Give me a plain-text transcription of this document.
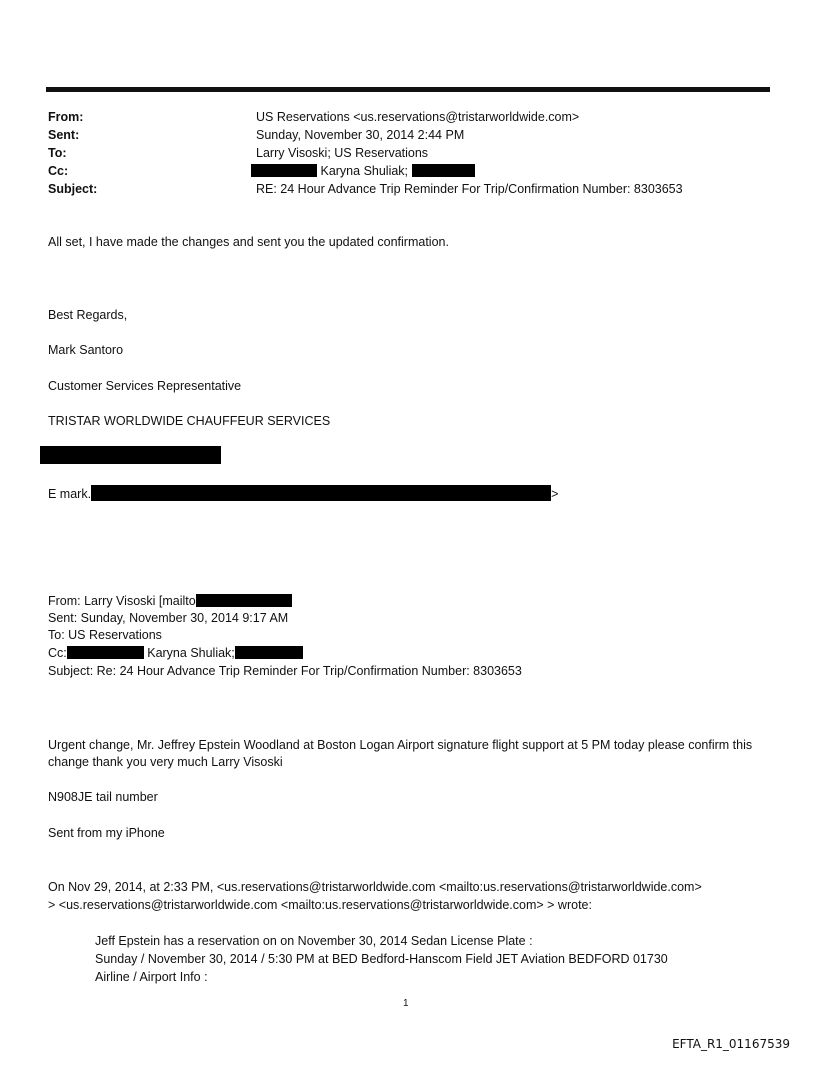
From:	US Reservations <us.reservations@tristarworldwide.com>
Sent:	Sunday, November 30, 2014 2:44 PM
To:	Larry Visoski; US Reservations
Cc:	Karyna Shuliak;
Subject:	RE: 24 Hour Advance Trip Reminder For Trip/Confirmation Number: 8303653
All set, I have made the changes and sent you the updated confirmation.
Best Regards,
Mark Santoro
Customer Services Representative
TRISTAR WORLDWIDE CHAUFFEUR SERVICES
E mark.	>
From: Larry Visoski [mailto
Sent: Sunday, November 30, 2014 9:17 AM
To: US Reservations
Cc:	Karyna Shuliak;
Subject: Re: 24 Hour Advance Trip Reminder For Trip/Confirmation Number: 8303653
Urgent change, Mr. Jeffrey Epstein Woodland at Boston Logan Airport signature flight support at 5 PM today please confirm this change thank you very much Larry Visoski
N908JE tail number
Sent from my iPhone
On Nov 29, 2014, at 2:33 PM, <us.reservations@tristarworldwide.com <mailto:us.reservations@tristarworldwide.com>
> <us.reservations@tristarworldwide.com <mailto:us.reservations@tristarworldwide.com> > wrote:
Jeff Epstein has a reservation on on November 30, 2014 Sedan License Plate :
Sunday / November 30, 2014 / 5:30 PM at BED Bedford-Hanscom Field JET Aviation BEDFORD 01730
Airline / Airport Info :
1
EFTA_R1_01167539
